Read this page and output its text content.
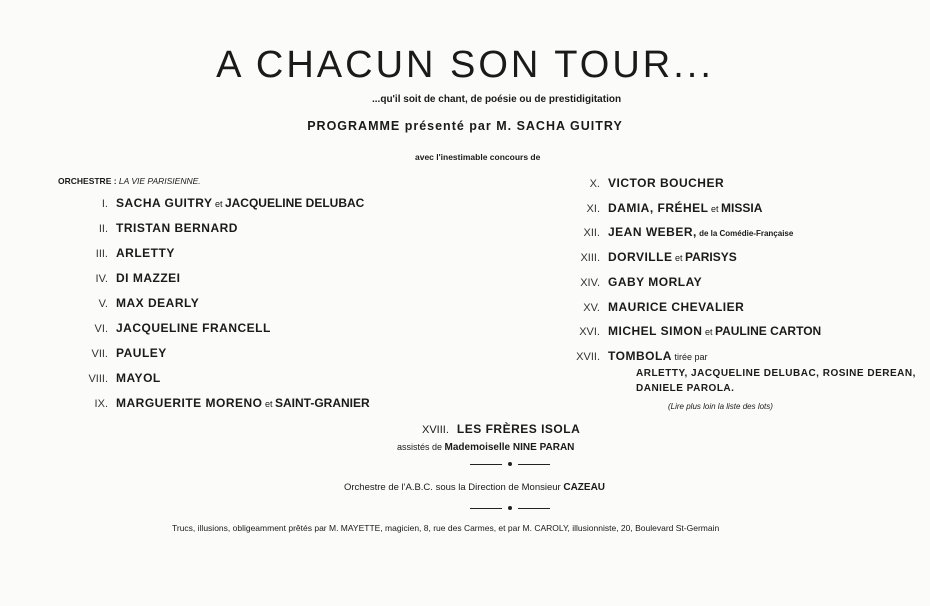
A CHACUN SON TOUR...
...qu'il soit de chant, de poésie ou de prestidigitation
PROGRAMME présenté par M. SACHA GUITRY
avec l'inestimable concours de
ORCHESTRE : LA VIE PARISIENNE.
I. SACHA GUITRY et JACQUELINE DELUBAC
II. TRISTAN BERNARD
III. ARLETTY
IV. DI MAZZEI
V. MAX DEARLY
VI. JACQUELINE FRANCELL
VII. PAULEY
VIII. MAYOL
IX. MARGUERITE MORENO et SAINT-GRANIER
X. VICTOR BOUCHER
XI. DAMIA, FRÉHEL et MISSIA
XII. JEAN WEBER, de la Comédie-Française
XIII. DORVILLE et PARISYS
XIV. GABY MORLAY
XV. MAURICE CHEVALIER
XVI. MICHEL SIMON et PAULINE CARTON
XVII. TOMBOLA tirée par
ARLETTY, JACQUELINE DELUBAC, ROSINE DEREAN,
DANIELE PAROLA.
(Lire plus loin la liste des lots)
XVIII. LES FRÈRES ISOLA
assistés de Mademoiselle NINE PARAN
Orchestre de l'A.B.C. sous la Direction de Monsieur CAZEAU
Trucs, illusions, obligeamment prêtés par M. MAYETTE, magicien, 8, rue des Carmes, et par M. CAROLY, illusionniste, 20, Boulevard St-Germain
